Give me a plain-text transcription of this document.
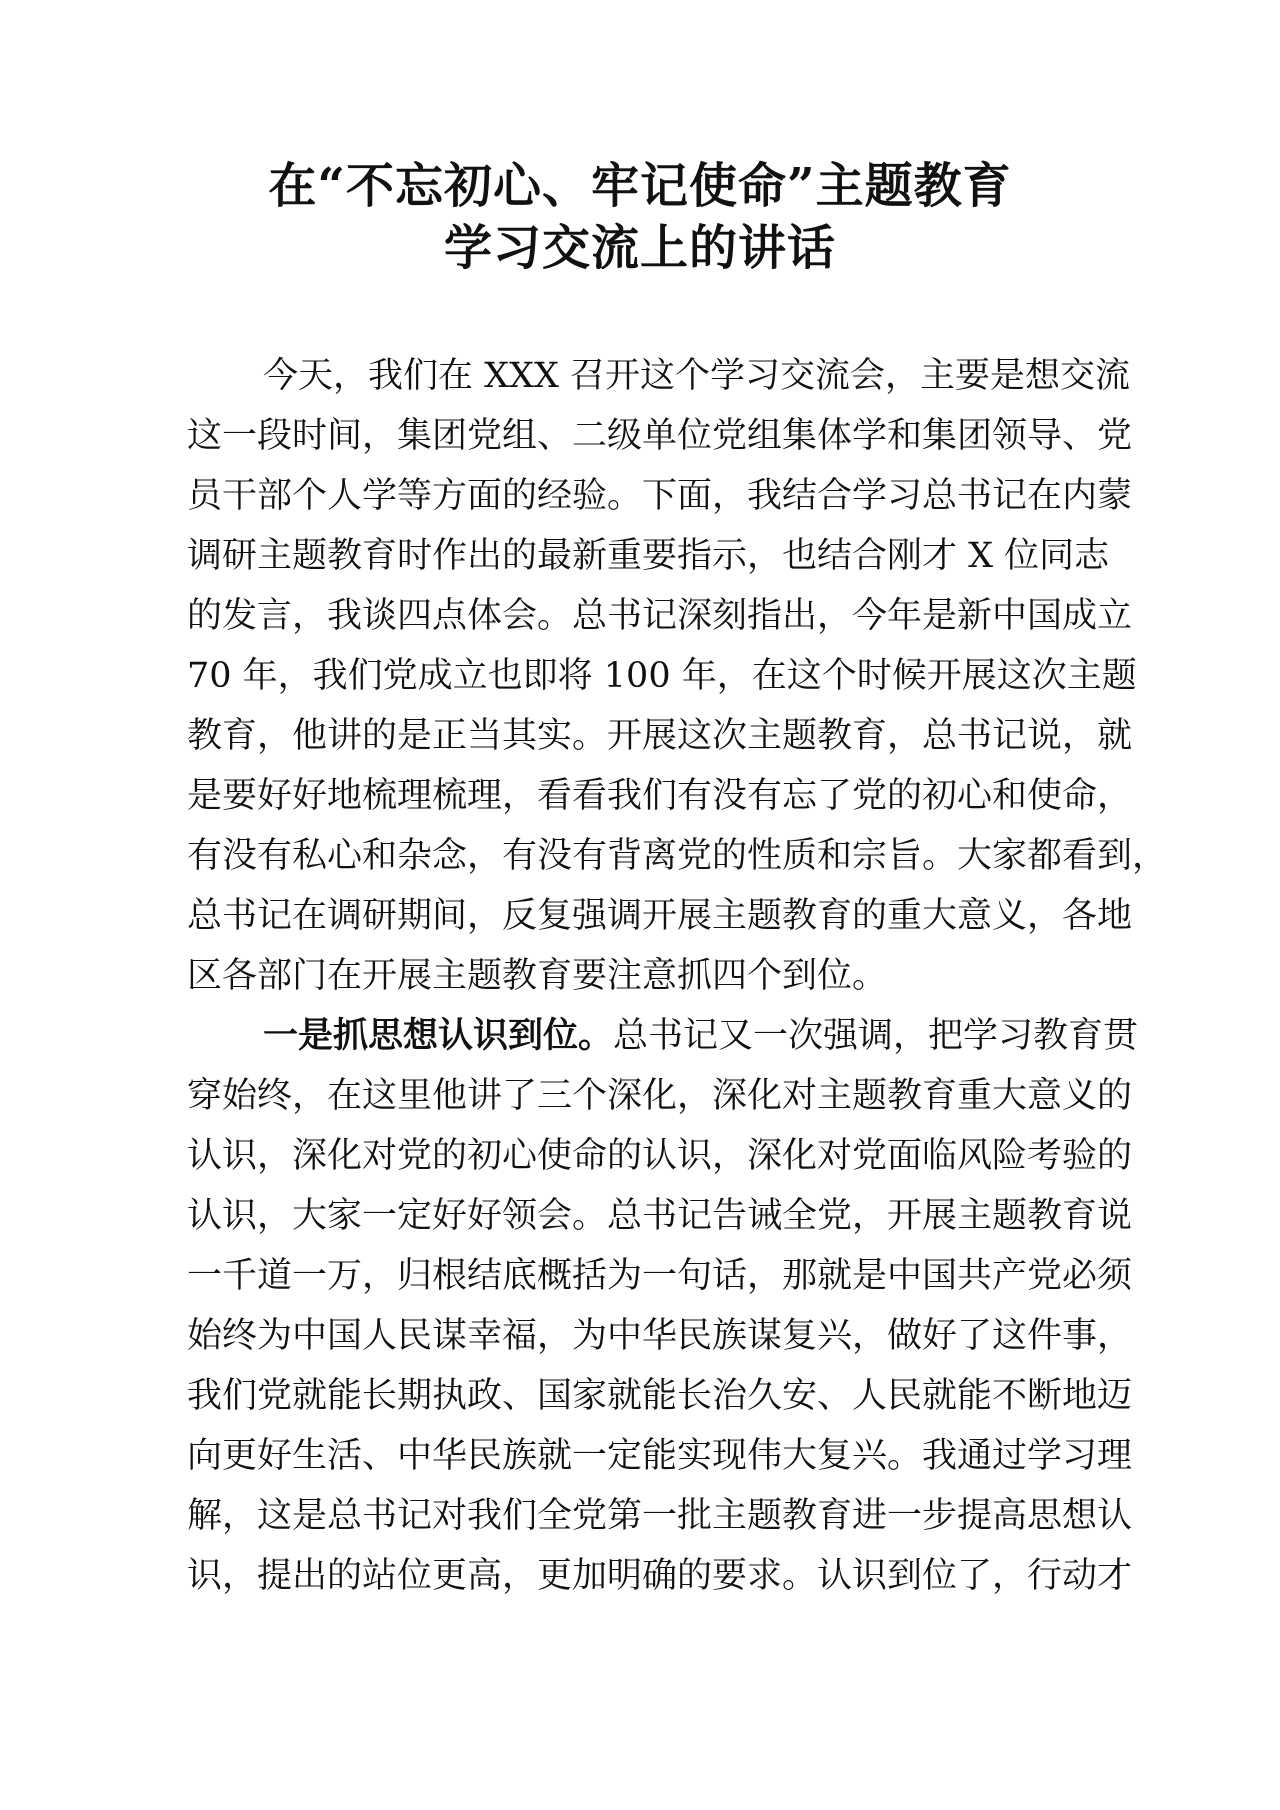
在“不忘初心、牢记使命”主题教育
学习交流上的讲话
今天，我们在 XXX 召开这个学习交流会，主要是想交流
这一段时间，集团党组、二级单位党组集体学和集团领导、党
员干部个人学等方面的经验。下面，我结合学习总书记在内蒙
调研主题教育时作出的最新重要指示，也结合刚才 X 位同志
的发言，我谈四点体会。总书记深刻指出，今年是新中国成立
70 年，我们党成立也即将 100 年，在这个时候开展这次主题
教育，他讲的是正当其实。开展这次主题教育，总书记说，就
是要好好地梳理梳理，看看我们有没有忘了党的初心和使命，
有没有私心和杂念，有没有背离党的性质和宗旨。大家都看到，
总书记在调研期间，反复强调开展主题教育的重大意义，各地
区各部门在开展主题教育要注意抓四个到位。
一是抓思想认识到位。总书记又一次强调，把学习教育贯
穿始终，在这里他讲了三个深化，深化对主题教育重大意义的
认识，深化对党的初心使命的认识，深化对党面临风险考验的
认识，大家一定好好领会。总书记告诫全党，开展主题教育说
一千道一万，归根结底概括为一句话，那就是中国共产党必须
始终为中国人民谋幸福，为中华民族谋复兴，做好了这件事，
我们党就能长期执政、国家就能长治久安、人民就能不断地迈
向更好生活、中华民族就一定能实现伟大复兴。我通过学习理
解，这是总书记对我们全党第一批主题教育进一步提高思想认
识，提出的站位更高，更加明确的要求。认识到位了，行动才
